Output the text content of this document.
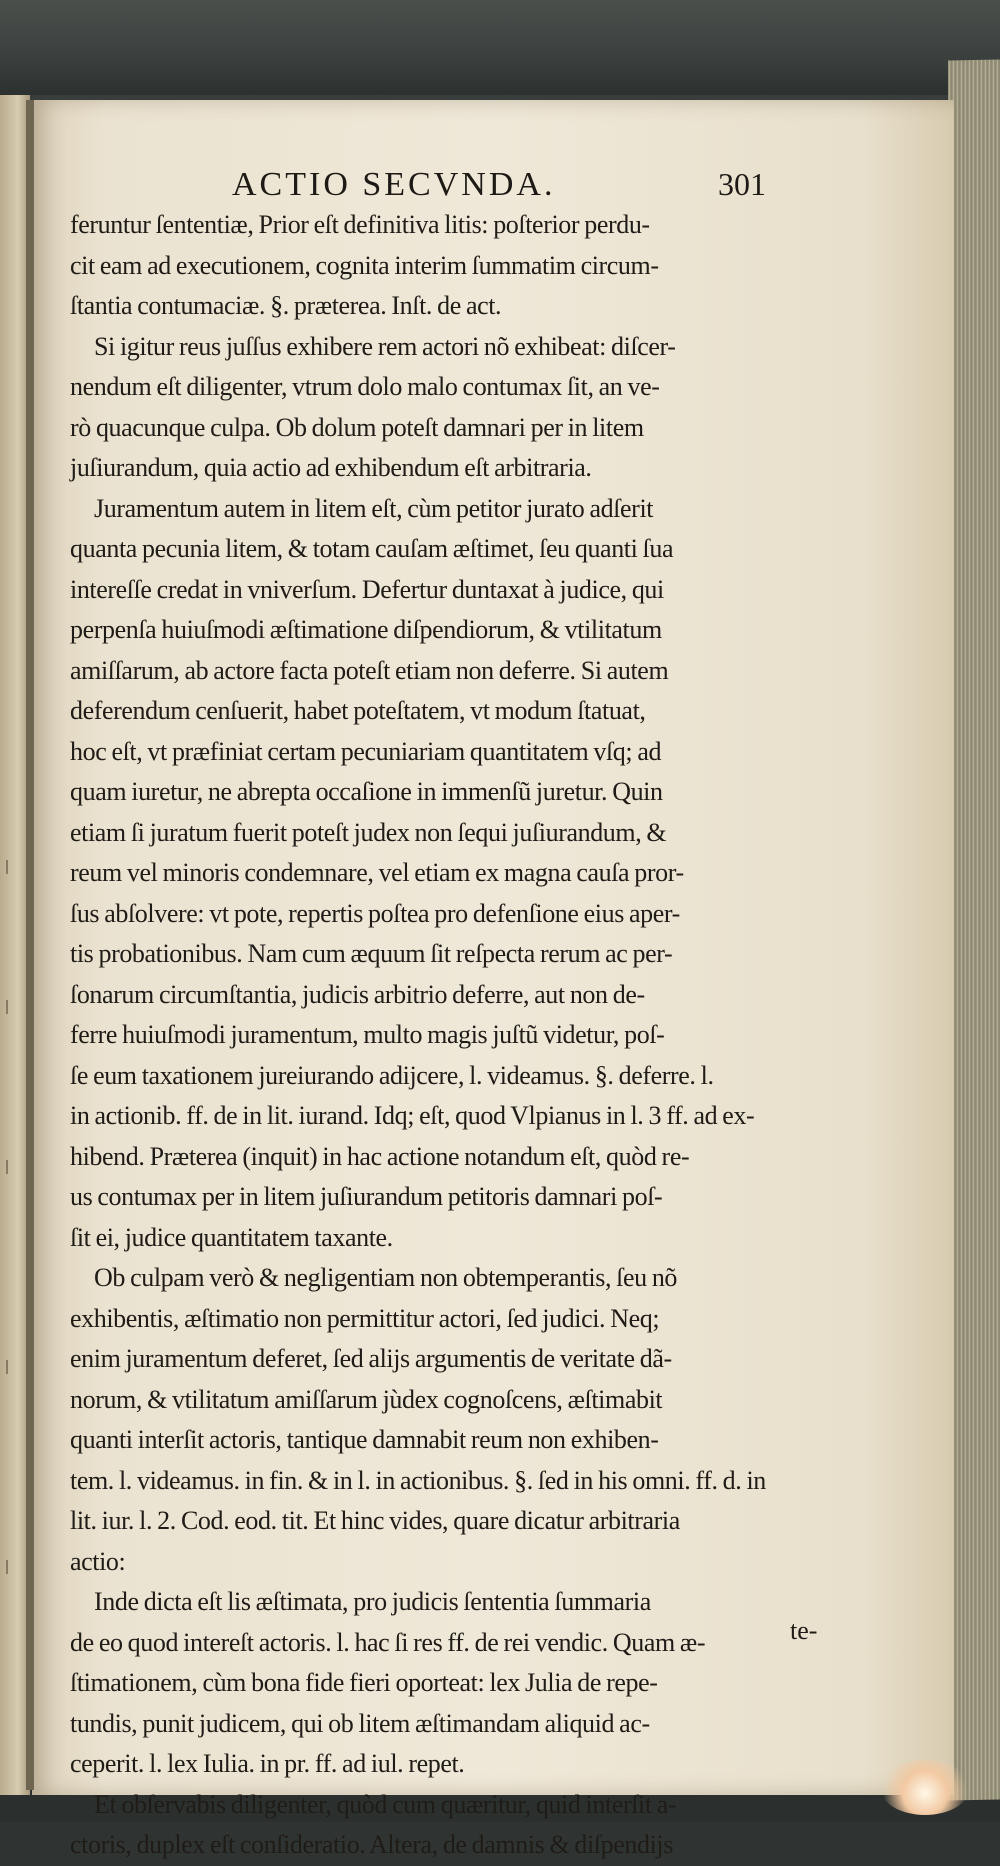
ACTIO SECVNDA.	301
feruntur ſententiæ, Prior eſt definitiva litis: poſterior perdu-
cit eam ad executionem, cognita interim ſummatim circum-
ſtantia contumaciæ. §. præterea. Inſt. de act.
Si igitur reus juſſus exhibere rem actori nõ exhibeat: diſcer-
nendum eſt diligenter, vtrum dolo malo contumax ſit, an ve-
rò quacunque culpa. Ob dolum poteſt damnari per in litem
juſiurandum, quia actio ad exhibendum eſt arbitraria.
Juramentum autem in litem eſt, cùm petitor jurato adſerit
quanta pecunia litem, & totam cauſam æſtimet, ſeu quanti ſua
intereſſe credat in vniverſum. Defertur duntaxat à judice, qui
perpenſa huiuſmodi æſtimatione diſpendiorum, & vtilitatum
amiſſarum, ab actore facta poteſt etiam non deferre. Si autem
deferendum cenſuerit, habet poteſtatem, vt modum ſtatuat,
hoc eſt, vt præfiniat certam pecuniariam quantitatem vſq; ad
quam iuretur, ne abrepta occaſione in immenſũ juretur. Quin
etiam ſi juratum fuerit poteſt judex non ſequi juſiurandum, &
reum vel minoris condemnare, vel etiam ex magna cauſa pror-
ſus abſolvere: vt pote, repertis poſtea pro defenſione eius aper-
tis probationibus. Nam cum æquum ſit reſpecta rerum ac per-
ſonarum circumſtantia, judicis arbitrio deferre, aut non de-
ferre huiuſmodi juramentum, multo magis juſtũ videtur, poſ-
ſe eum taxationem jureiurando adijcere, l. videamus. §. deferre. l.
in actionib. ff. de in lit. iurand. Idq; eſt, quod Vlpianus in l. 3 ff. ad ex-
hibend. Præterea (inquit) in hac actione notandum eſt, quòd re-
us contumax per in litem juſiurandum petitoris damnari poſ-
ſit ei, judice quantitatem taxante.
Ob culpam verò & negligentiam non obtemperantis, ſeu nõ
exhibentis, æſtimatio non permittitur actori, ſed judici. Neq;
enim juramentum deferet, ſed alijs argumentis de veritate dã-
norum, & vtilitatum amiſſarum jùdex cognoſcens, æſtimabit
quanti interſit actoris, tantique damnabit reum non exhiben-
tem. l. videamus. in fin. & in l. in actionibus. §. ſed in his omni. ff. d. in
lit. iur. l. 2. Cod. eod. tit. Et hinc vides, quare dicatur arbitraria
actio:
Inde dicta eſt lis æſtimata, pro judicis ſententia ſummaria
de eo quod intereſt actoris. l. hac ſi res ff. de rei vendic. Quam æ-
ſtimationem, cùm bona fide fieri oporteat: lex Julia de repe-
tundis, punit judicem, qui ob litem æſtimandam aliquid ac-
ceperit. l. lex Iulia. in pr. ff. ad iul. repet.
Et obſervabis diligenter, quòd cum quæritur, quid interſit a-
ctoris, duplex eſt conſideratio. Altera, de damnis & diſpendijs
te-
